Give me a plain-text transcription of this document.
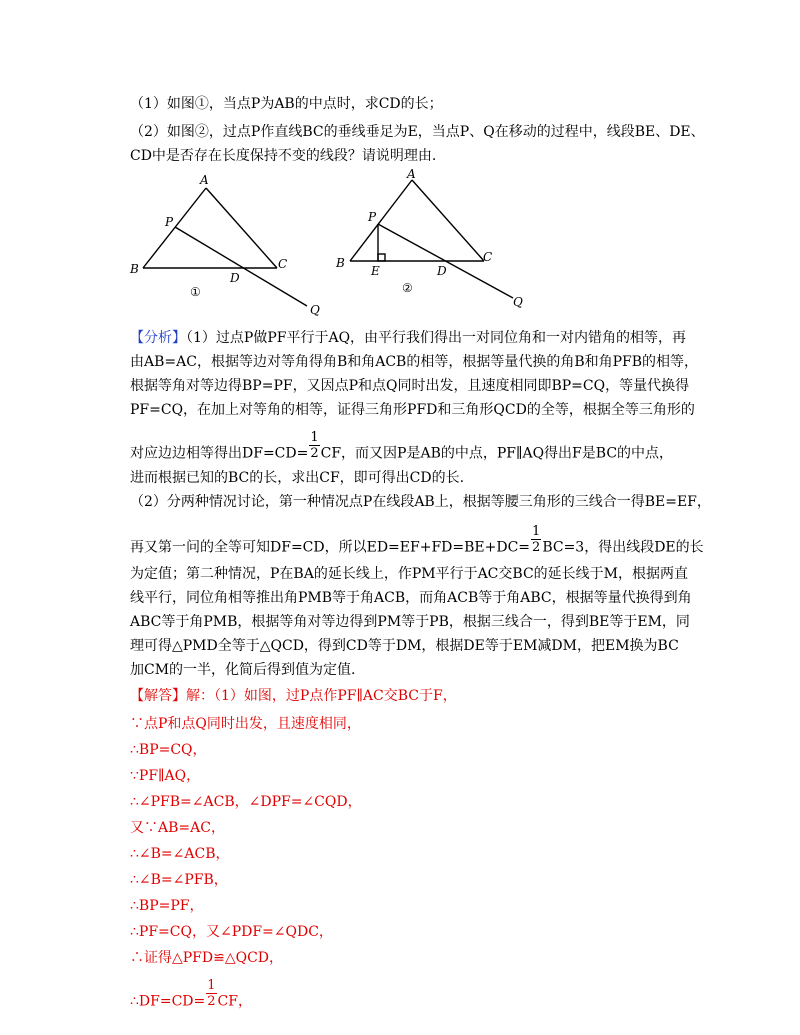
（1）如图①，当点P为AB的中点时，求CD的长；
（2）如图②，过点P作直线BC的垂线垂足为E，当点P、Q在移动的过程中，线段BE、DE、
CD中是否存在长度保持不变的线段？请说明理由.
A
P
B
D
C
Q
①
A
P
B
E	D
C
Q
②
【分析】（1）过点P做PF平行于AQ，由平行我们得出一对同位角和一对内错角的相等，再
由AB=AC，根据等边对等角得角B和角ACB的相等，根据等量代换的角B和角PFB的相等，
根据等角对等边得BP=PF，又因点P和点Q同时出发，且速度相同即BP=CQ，等量代换得
PF=CQ，在加上对等角的相等，证得三角形PFD和三角形QCD的全等，根据全等三角形的
对应边边相等得出$DF=CD= \frac{1}{2}$ CF，而又因P是AB的中点，PF∥AQ得出F是BC的中点，
进而根据已知的BC的长，求出CF，即可得出CD的长.
（2）分两种情况讨论，第一种情况点P在线段AB上，根据等腰三角形的三线合一得BE=EF，
再又第一问的全等可知DF=CD，所以$ED=EF+FD=BE+DC= \frac{1}{2} BC=3$，得出线段DE的长
为定值；第二种情况，P在BA的延长线上，作PM平行于AC交BC的延长线于M，根据两直
线平行，同位角相等推出角PMB等于角ACB，而角ACB等于角ABC，根据等量代换得到角
ABC等于角PMB，根据等角对等边得到PM等于PB，根据三线合一，得到BE等于EM，同
理可得△PMD全等于△QCD，得到CD等于DM，根据DE等于EM减DM，把EM换为BC
加CM的一半，化简后得到值为定值.
【解答】解：（1）如图，过P点作PF∥AC交BC于F，
∵点P和点Q同时出发，且速度相同，
∴BP=CQ，
∵PF∥AQ，
∴∠PFB=∠ACB，∠DPF=∠CQD，
又∵AB=AC，
∴∠B=∠ACB，
∴∠B=∠PFB，
∴BP=PF，
∴PF=CQ，又∠PDF=∠QDC，
∴证得△PFD≌△QCD，
∴DF=CD= $\frac{1}{2}$ CF，
